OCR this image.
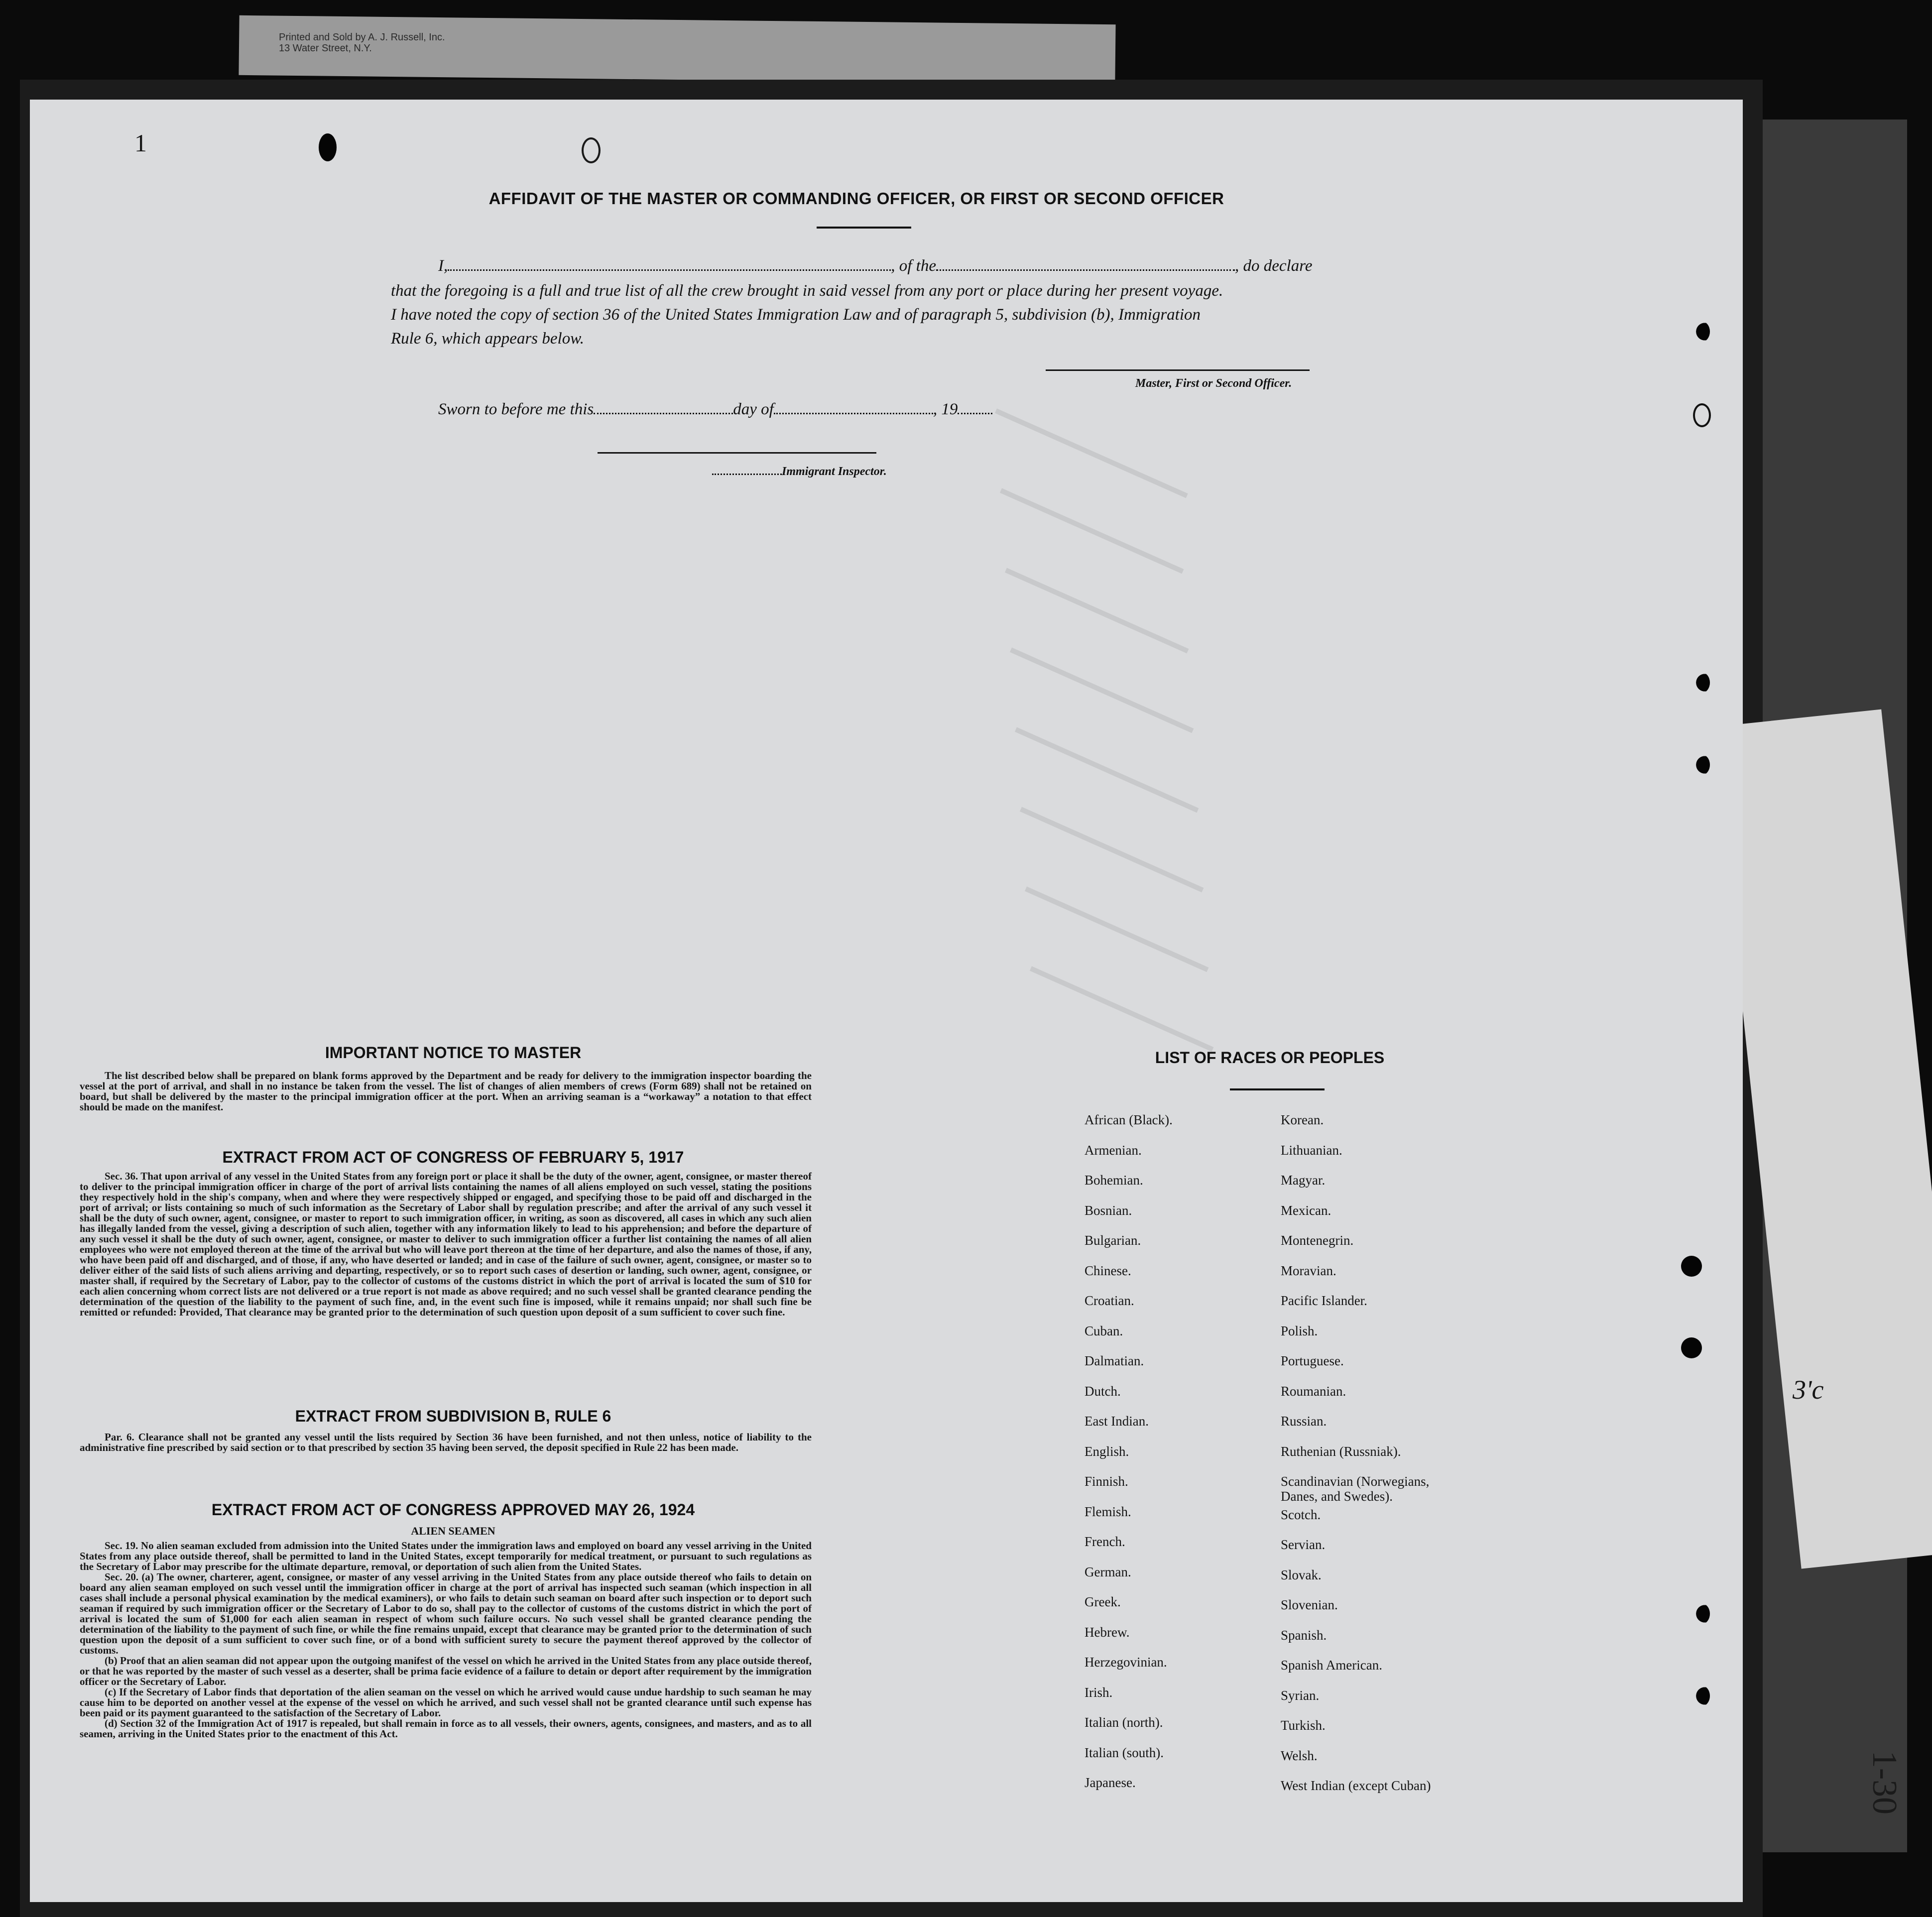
Printed and Sold by A. J. Russell, Inc.
13 Water Street, N.Y.
1
1-30
3'c
AFFIDAVIT OF THE MASTER OR COMMANDING OFFICER, OR FIRST OR SECOND OFFICER
I,	, of the	, do declare
that the foregoing is a full and true list of all the crew brought in said vessel from any port or place during her present voyage.
I have noted the copy of section 36 of the United States Immigration Law and of paragraph 5, subdivision (b), Immigration
Rule 6, which appears below.
Master, First or Second Officer.
Sworn to before me this	day of	, 19
Immigrant Inspector.
IMPORTANT NOTICE TO MASTER
The list described below shall be prepared on blank forms approved by the Department and be ready for delivery to the immigration inspector boarding the vessel at the port of arrival, and shall in no instance be taken from the vessel. The list of changes of alien members of crews (Form 689) shall not be retained on board, but shall be delivered by the master to the principal immigration officer at the port. When an arriving seaman is a “workaway” a notation to that effect should be made on the manifest.
EXTRACT FROM ACT OF CONGRESS OF FEBRUARY 5, 1917
Sec. 36. That upon arrival of any vessel in the United States from any foreign port or place it shall be the duty of the owner, agent, consignee, or master thereof to deliver to the principal immigration officer in charge of the port of arrival lists containing the names of all aliens employed on such vessel, stating the positions they respectively hold in the ship's company, when and where they were respectively shipped or engaged, and specifying those to be paid off and discharged in the port of arrival; or lists containing so much of such information as the Secretary of Labor shall by regulation prescribe; and after the arrival of any such vessel it shall be the duty of such owner, agent, consignee, or master to report to such immigration officer, in writing, as soon as discovered, all cases in which any such alien has illegally landed from the vessel, giving a description of such alien, together with any information likely to lead to his apprehension; and before the departure of any such vessel it shall be the duty of such owner, agent, consignee, or master to deliver to such immigration officer a further list containing the names of all alien employees who were not employed thereon at the time of the arrival but who will leave port thereon at the time of her departure, and also the names of those, if any, who have been paid off and discharged, and of those, if any, who have deserted or landed; and in case of the failure of such owner, agent, consignee, or master so to deliver either of the said lists of such aliens arriving and departing, respectively, or so to report such cases of desertion or landing, such owner, agent, consignee, or master shall, if required by the Secretary of Labor, pay to the collector of customs of the customs district in which the port of arrival is located the sum of $10 for each alien concerning whom correct lists are not delivered or a true report is not made as above required; and no such vessel shall be granted clearance pending the determination of the question of the liability to the payment of such fine, and, in the event such fine is imposed, while it remains unpaid; nor shall such fine be remitted or refunded: Provided, That clearance may be granted prior to the determination of such question upon deposit of a sum sufficient to cover such fine.
EXTRACT FROM SUBDIVISION B, RULE 6
Par. 6. Clearance shall not be granted any vessel until the lists required by Section 36 have been furnished, and not then unless, notice of liability to the administrative fine prescribed by said section or to that prescribed by section 35 having been served, the deposit specified in Rule 22 has been made.
EXTRACT FROM ACT OF CONGRESS APPROVED MAY 26, 1924
ALIEN SEAMEN
Sec. 19. No alien seaman excluded from admission into the United States under the immigration laws and employed on board any vessel arriving in the United States from any place outside thereof, shall be permitted to land in the United States, except temporarily for medical treatment, or pursuant to such regulations as the Secretary of Labor may prescribe for the ultimate departure, removal, or deportation of such alien from the United States.
Sec. 20. (a) The owner, charterer, agent, consignee, or master of any vessel arriving in the United States from any place outside thereof who fails to detain on board any alien seaman employed on such vessel until the immigration officer in charge at the port of arrival has inspected such seaman (which inspection in all cases shall include a personal physical examination by the medical examiners), or who fails to detain such seaman on board after such inspection or to deport such seaman if required by such immigration officer or the Secretary of Labor to do so, shall pay to the collector of customs of the customs district in which the port of arrival is located the sum of $1,000 for each alien seaman in respect of whom such failure occurs. No such vessel shall be granted clearance pending the determination of the liability to the payment of such fine, or while the fine remains unpaid, except that clearance may be granted prior to the determination of such question upon the deposit of a sum sufficient to cover such fine, or of a bond with sufficient surety to secure the payment thereof approved by the collector of customs.
(b) Proof that an alien seaman did not appear upon the outgoing manifest of the vessel on which he arrived in the United States from any place outside thereof, or that he was reported by the master of such vessel as a deserter, shall be prima facie evidence of a failure to detain or deport after requirement by the immigration officer or the Secretary of Labor.
(c) If the Secretary of Labor finds that deportation of the alien seaman on the vessel on which he arrived would cause undue hardship to such seaman he may cause him to be deported on another vessel at the expense of the vessel on which he arrived, and such vessel shall not be granted clearance until such expense has been paid or its payment guaranteed to the satisfaction of the Secretary of Labor.
(d) Section 32 of the Immigration Act of 1917 is repealed, but shall remain in force as to all vessels, their owners, agents, consignees, and masters, and as to all seamen, arriving in the United States prior to the enactment of this Act.
LIST OF RACES OR PEOPLES
African (Black).
Armenian.
Bohemian.
Bosnian.
Bulgarian.
Chinese.
Croatian.
Cuban.
Dalmatian.
Dutch.
East Indian.
English.
Finnish.
Flemish.
French.
German.
Greek.
Hebrew.
Herzegovinian.
Irish.
Italian (north).
Italian (south).
Japanese.
Korean.
Lithuanian.
Magyar.
Mexican.
Montenegrin.
Moravian.
Pacific Islander.
Polish.
Portuguese.
Roumanian.
Russian.
Ruthenian (Russniak).
Scandinavian (Norwegians,
Danes, and Swedes).
Scotch.
Servian.
Slovak.
Slovenian.
Spanish.
Spanish American.
Syrian.
Turkish.
Welsh.
West Indian (except Cuban)
